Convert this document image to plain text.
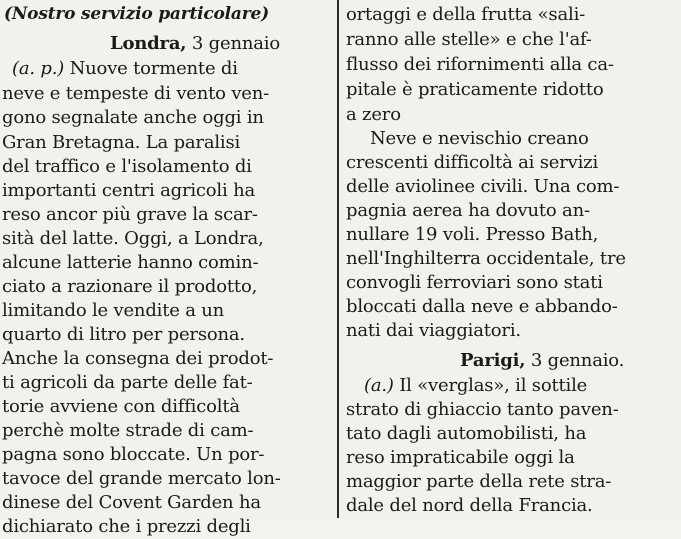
(Nostro servizio particolare)
Londra, 3 gennaio
(a. p.) Nuove tormente di
neve e tempeste di vento ven-
gono segnalate anche oggi in
Gran Bretagna. La paralisi
del traffico e l'isolamento di
importanti centri agricoli ha
reso ancor più grave la scar-
sità del latte. Oggi, a Londra,
alcune latterie hanno comin-
ciato a razionare il prodotto,
limitando le vendite a un
quarto di litro per persona.
Anche la consegna dei prodot-
ti agricoli da parte delle fat-
torie avviene con difficoltà
perchè molte strade di cam-
pagna sono bloccate. Un por-
tavoce del grande mercato lon-
dinese del Covent Garden ha
dichiarato che i prezzi degli
ortaggi e della frutta «sali-
ranno alle stelle» e che l'af-
flusso dei rifornimenti alla ca-
pitale è praticamente ridotto
a zero
Neve e nevischio creano
crescenti difficoltà ai servizi
delle aviolinee civili. Una com-
pagnia aerea ha dovuto an-
nullare 19 voli. Presso Bath,
nell'Inghilterra occidentale, tre
convogli ferroviari sono stati
bloccati dalla neve e abbando-
nati dai viaggiatori.
Parigi, 3 gennaio.
(a.) Il «verglas», il sottile
strato di ghiaccio tanto paven-
tato dagli automobilisti, ha
reso impraticabile oggi la
maggior parte della rete stra-
dale del nord della Francia.
